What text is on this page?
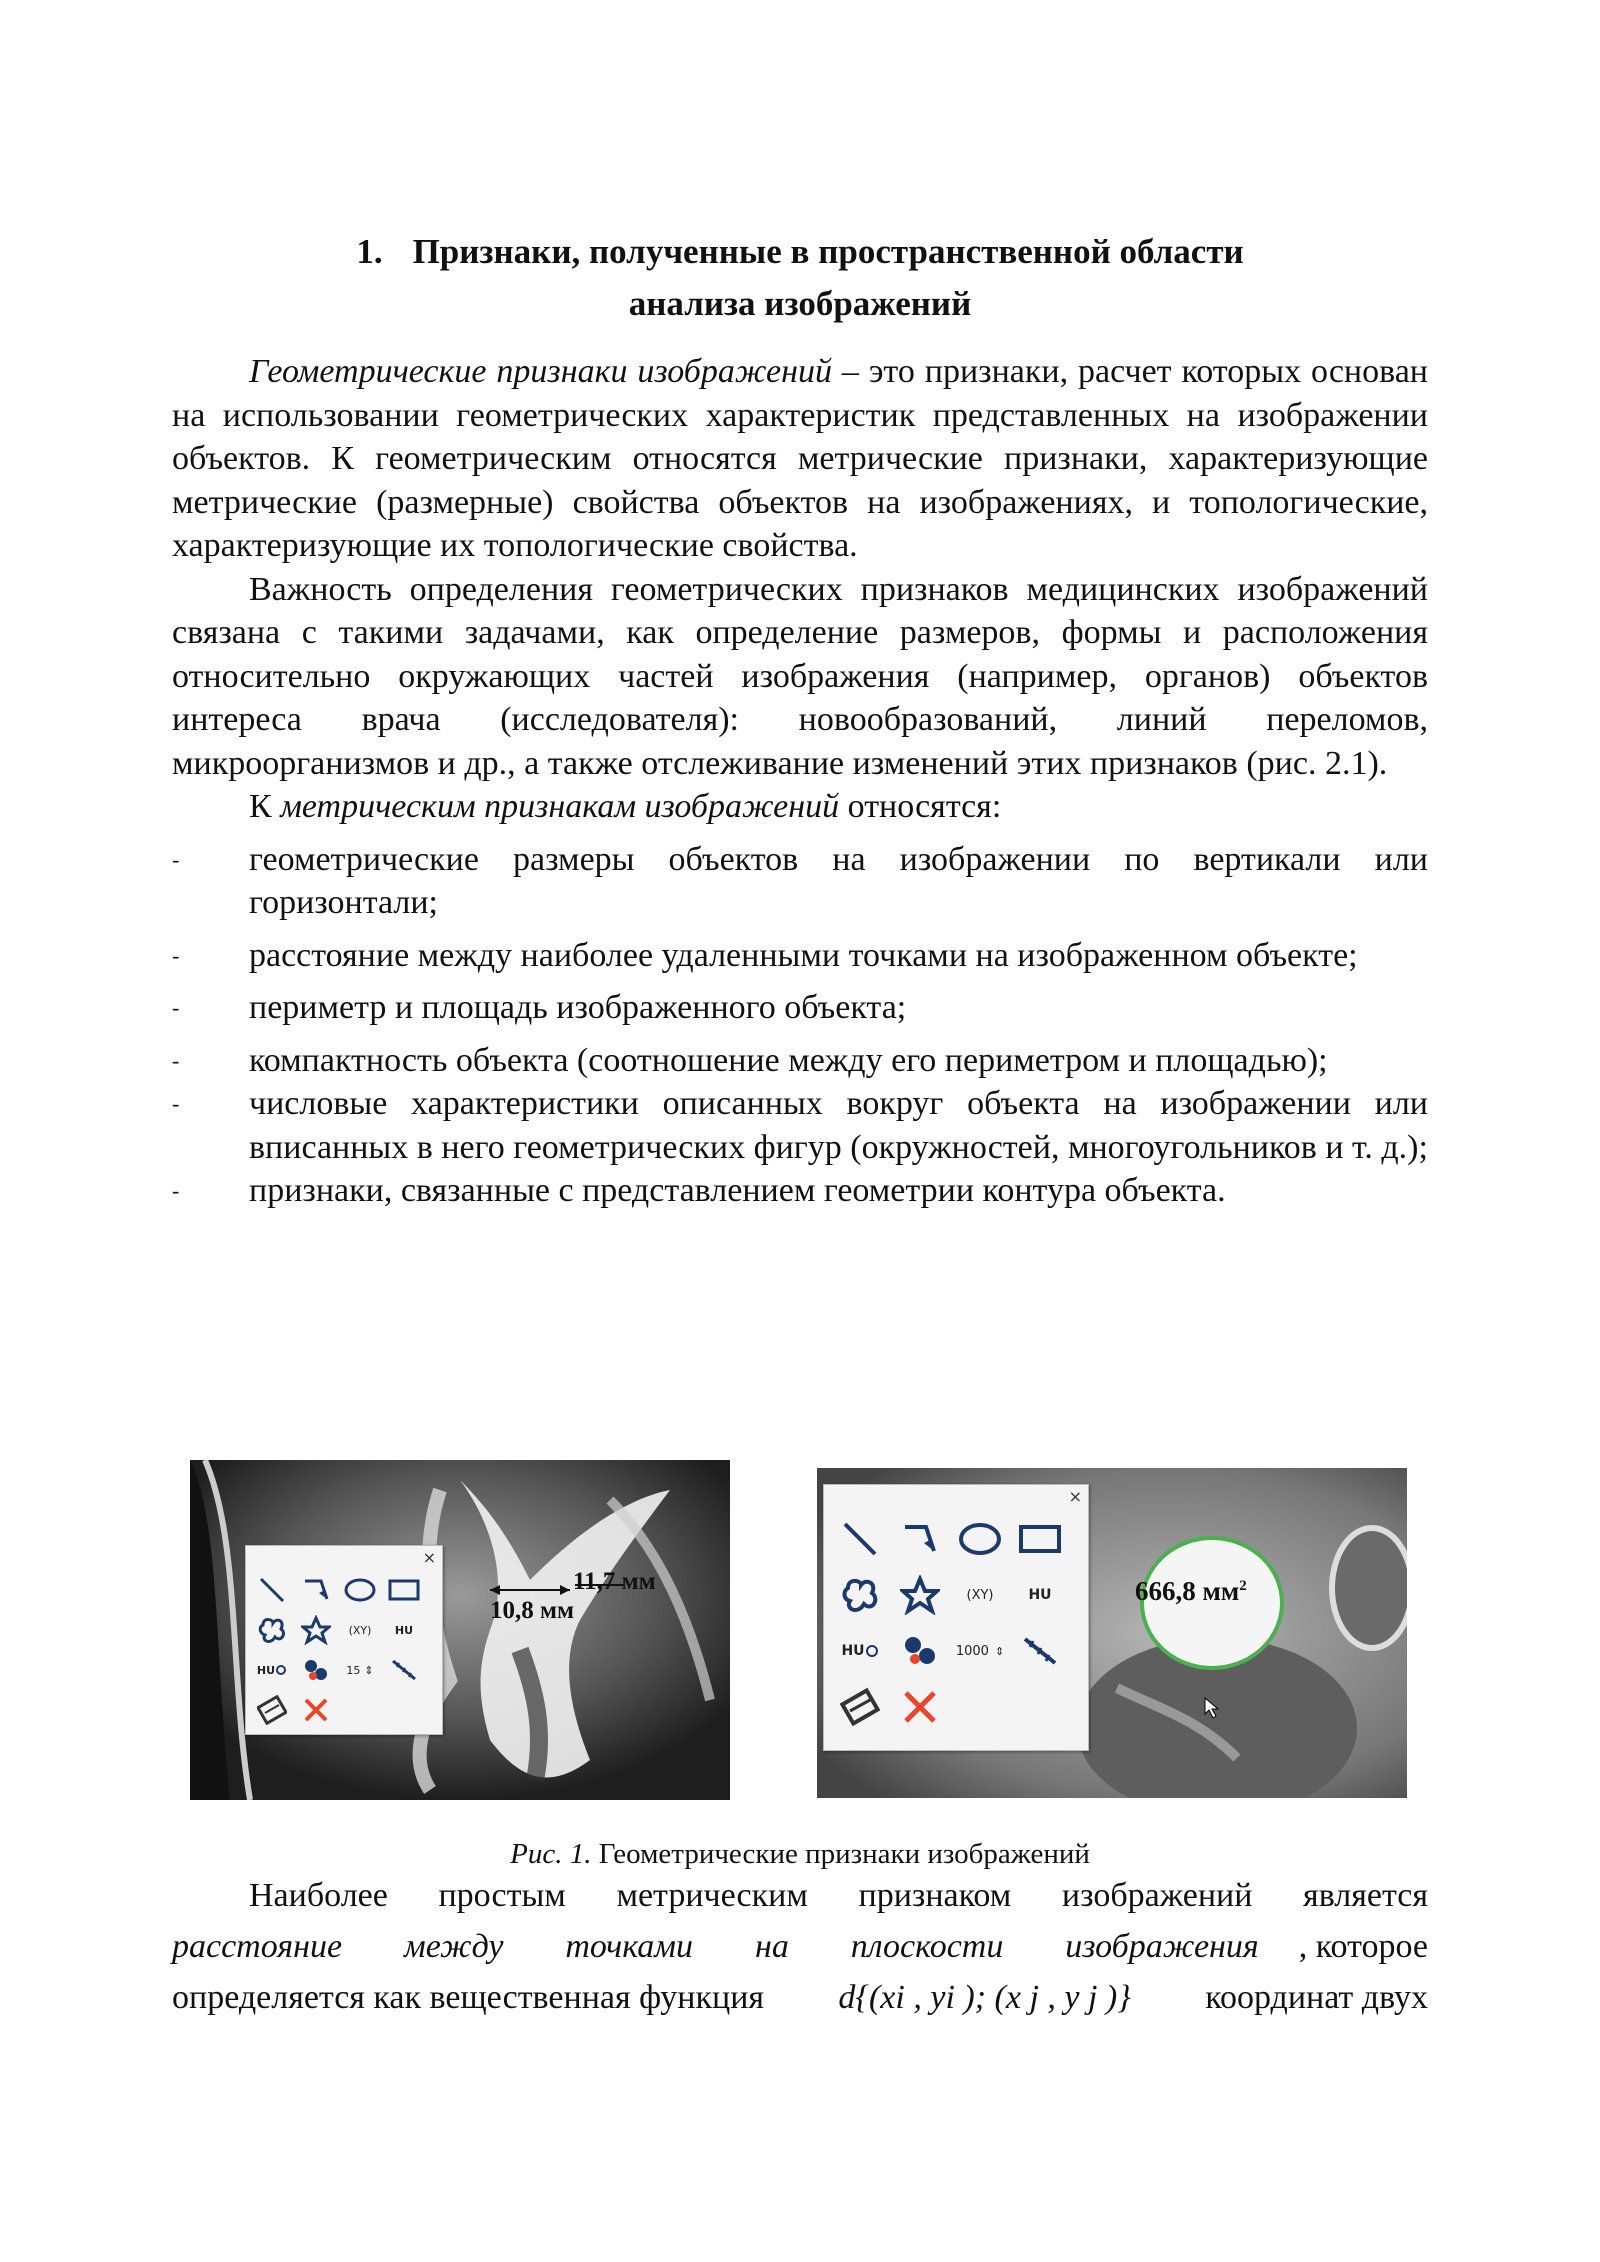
1. Признаки, полученные в пространственной области
анализа изображений

Геометрические признаки изображений – это признаки, расчет которых основан на использовании геометрических характеристик представленных на изображении объектов. К геометрическим относятся метрические признаки, характеризующие метрические (размерные) свойства объектов на изображениях, и топологические, характеризующие их топологические свойства.

Важность определения геометрических признаков медицинских изображений связана с такими задачами, как определение размеров, формы и расположения относительно окружающих частей изображения (например, органов) объектов интереса врача (исследователя): новообразований, линий переломов, микроорганизмов и др., а также отслеживание изменений этих признаков (рис. 2.1).

К метрическим признакам изображений относятся:

- геометрические размеры объектов на изображении по вертикали или горизонтали;
- расстояние между наиболее удаленными точками на изображенном объекте;
- периметр и площадь изображенного объекта;
- компактность объекта (соотношение между его периметром и площадью);
- числовые характеристики описанных вокруг объекта на изображении или вписанных в него геометрических фигур (окружностей, многоугольников и т. д.);
- признаки, связанные с представлением геометрии контура объекта.
×
(XY) HU
HU	15 ⇕
11,7 мм
10,8 мм
×
(XY) HU
HU	1000 ⇕
666,8 $мм^2$
Рис. 1. Геометрические признаки изображений

Наиболее простым метрическим признаком изображений является

расстояние между точками на плоскости изображения	, которое

определяется как вещественная функция d{(xi , yi ); (x j , y j )} координат двух
